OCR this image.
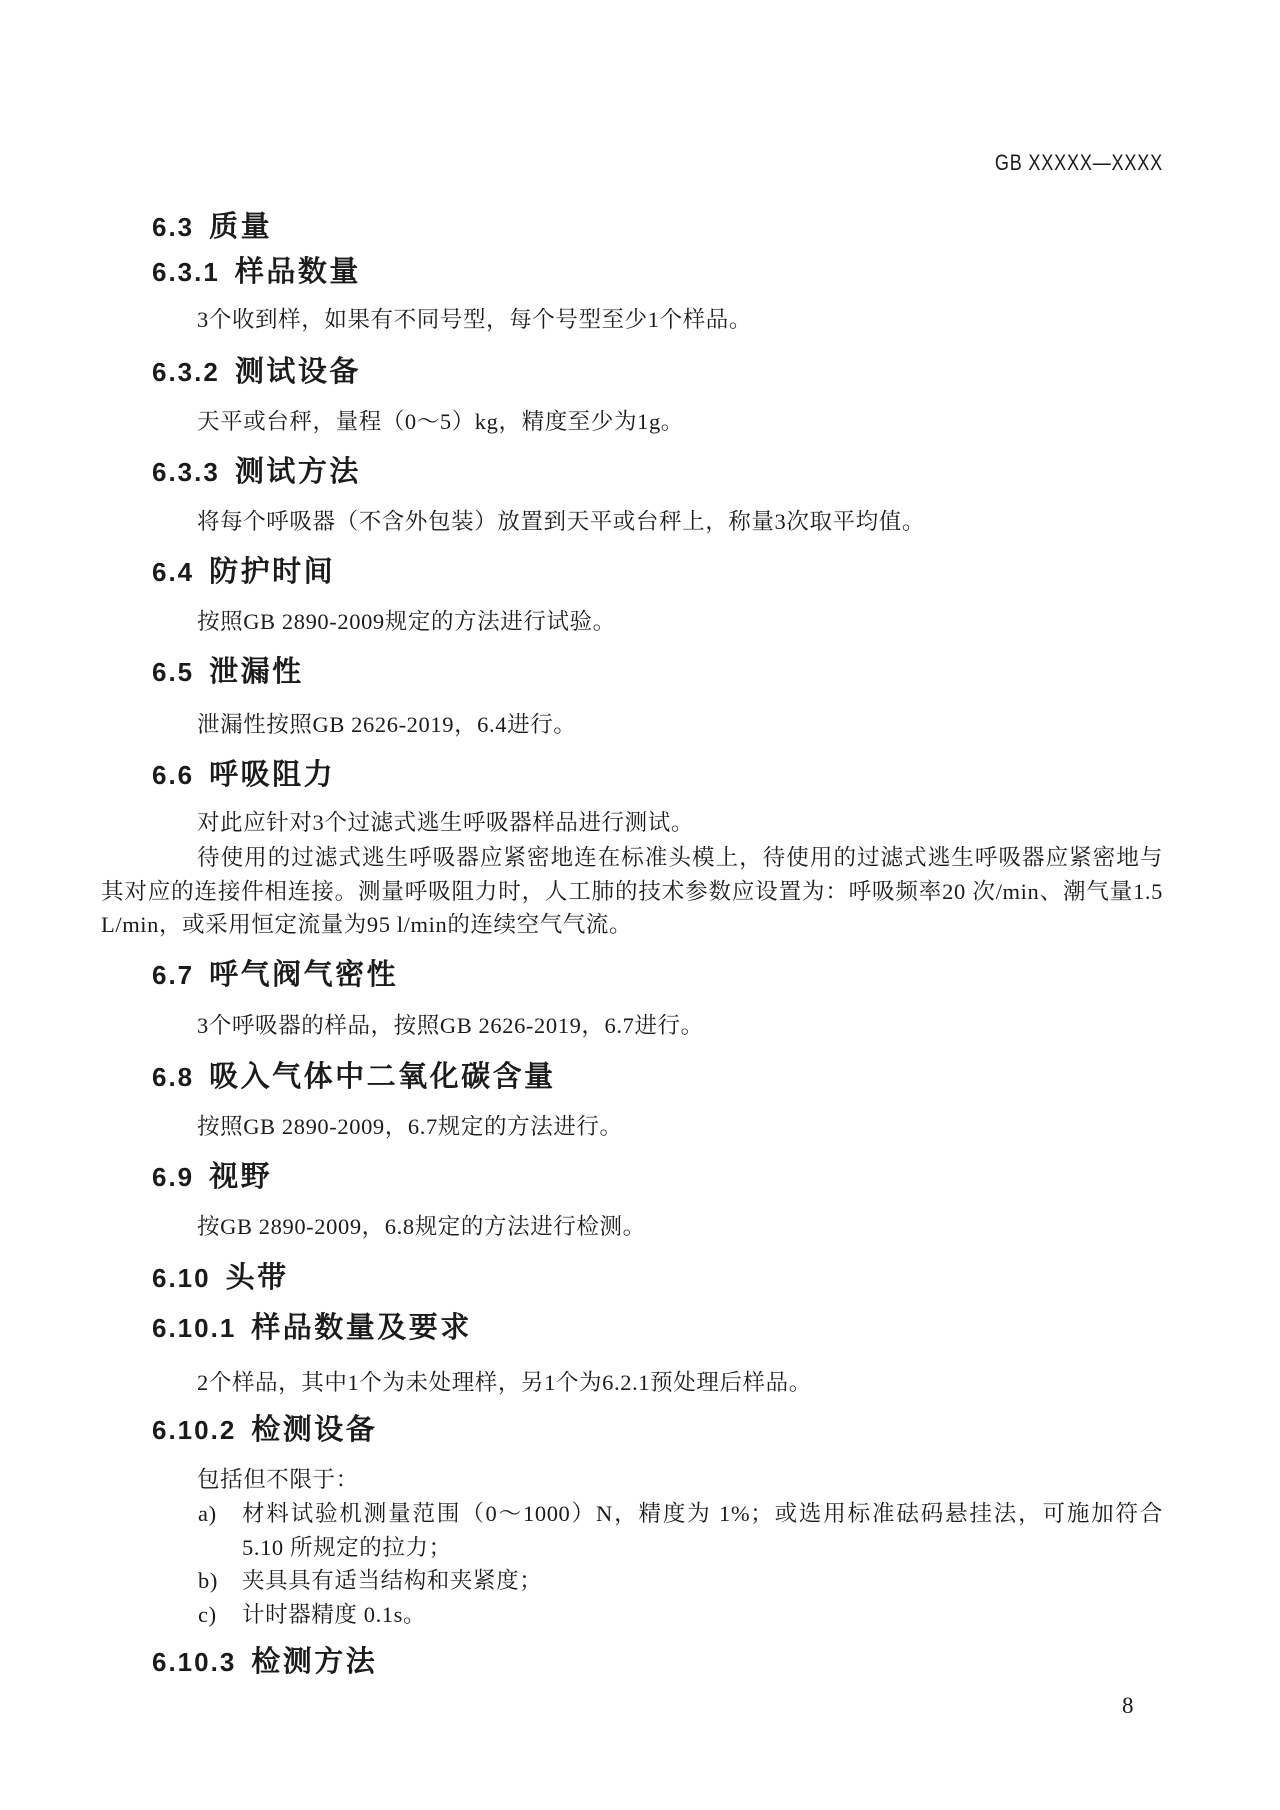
GB XXXXX—XXXX
6.3 质量
6.3.1 样品数量
3个收到样，如果有不同号型，每个号型至少1个样品。
6.3.2 测试设备
天平或台秤，量程（0～5）kg，精度至少为1g。
6.3.3 测试方法
将每个呼吸器（不含外包装）放置到天平或台秤上，称量3次取平均值。
6.4 防护时间
按照GB 2890-2009规定的方法进行试验。
6.5 泄漏性
泄漏性按照GB 2626-2019，6.4进行。
6.6 呼吸阻力
对此应针对3个过滤式逃生呼吸器样品进行测试。
待使用的过滤式逃生呼吸器应紧密地连在标准头模上，待使用的过滤式逃生呼吸器应紧密地与其对应的连接件相连接。测量呼吸阻力时，人工肺的技术参数应设置为：呼吸频率20 次/min、潮气量1.5 L/min，或采用恒定流量为95 l/min的连续空气气流。
6.7 呼气阀气密性
3个呼吸器的样品，按照GB 2626-2019，6.7进行。
6.8 吸入气体中二氧化碳含量
按照GB 2890-2009，6.7规定的方法进行。
6.9 视野
按GB 2890-2009，6.8规定的方法进行检测。
6.10 头带
6.10.1 样品数量及要求
2个样品，其中1个为未处理样，另1个为6.2.1预处理后样品。
6.10.2 检测设备
包括但不限于：
a) 材料试验机测量范围（0～1000）N，精度为 1%；或选用标准砝码悬挂法，可施加符合 5.10 所规定的拉力；
b) 夹具具有适当结构和夹紧度；
c) 计时器精度 0.1s。
6.10.3 检测方法
8
